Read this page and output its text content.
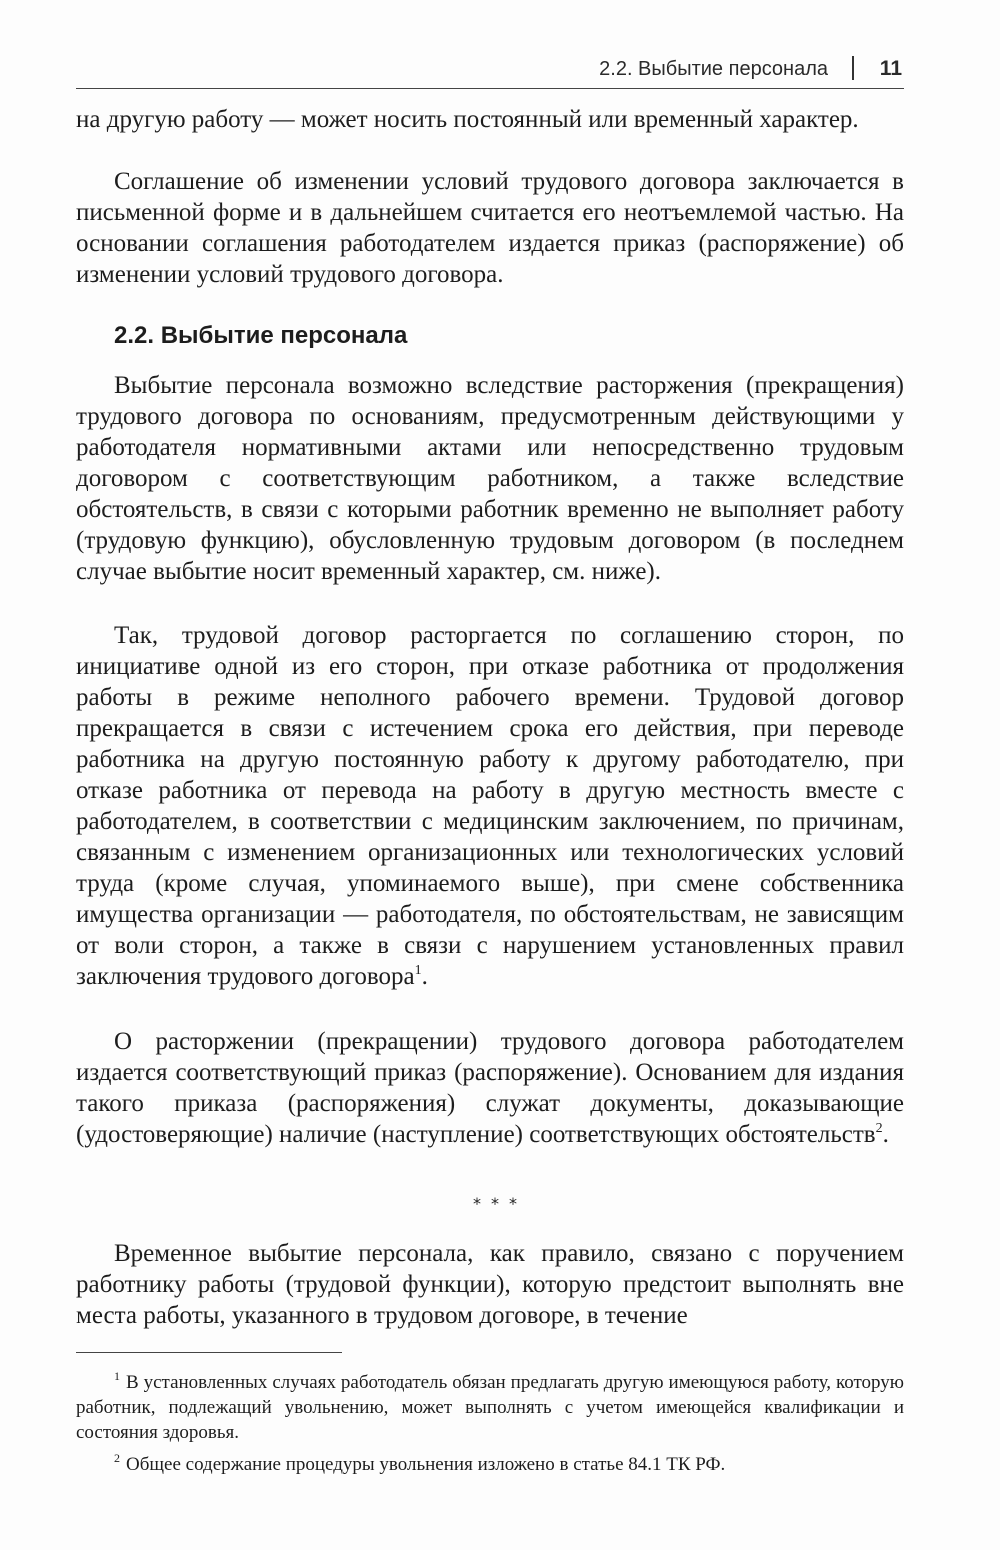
2.2. Выбытие персонала 11

на другую работу — может носить постоянный или временный характер.

Соглашение об изменении условий трудового договора заключается в письменной форме и в дальнейшем считается его неотъемлемой частью. На основании соглашения работодателем издается приказ (распоряжение) об изменении условий трудового договора.

2.2. Выбытие персонала

Выбытие персонала возможно вследствие расторжения (прекращения) трудового договора по основаниям, предусмотренным действующими у работодателя нормативными актами или непосредственно трудовым договором с соответствующим работником, а также вследствие обстоятельств, в связи с которыми работник временно не выполняет работу (трудовую функцию), обусловленную трудовым договором (в последнем случае выбытие носит временный характер, см. ниже).

Так, трудовой договор расторгается по соглашению сторон, по инициативе одной из его сторон, при отказе работника от продолжения работы в режиме неполного рабочего времени. Трудовой договор прекращается в связи с истечением срока его действия, при переводе работника на другую постоянную работу к другому работодателю, при отказе работника от перевода на работу в другую местность вместе с работодателем, в соответствии с медицинским заключением, по причинам, связанным с изменением организационных или технологических условий труда (кроме случая, упоминаемого выше), при смене собственника имущества организации — работодателя, по обстоятельствам, не зависящим от воли сторон, а также в связи с нарушением установленных правил заключения трудового договора$^1$.

О расторжении (прекращении) трудового договора работодателем издается соответствующий приказ (распоряжение). Основанием для издания такого приказа (распоряжения) служат документы, доказывающие (удостоверяющие) наличие (наступление) соответствующих обстоятельств$^2$.

***

Временное выбытие персонала, как правило, связано с поручением работнику работы (трудовой функции), которую предстоит выполнять вне места работы, указанного в трудовом договоре, в течение

$^1$ В установленных случаях работодатель обязан предлагать другую имеющуюся работу, которую работник, подлежащий увольнению, может выполнять с учетом имеющейся квалификации и состояния здоровья.

$^2$ Общее содержание процедуры увольнения изложено в статье 84.1 ТК РФ.
